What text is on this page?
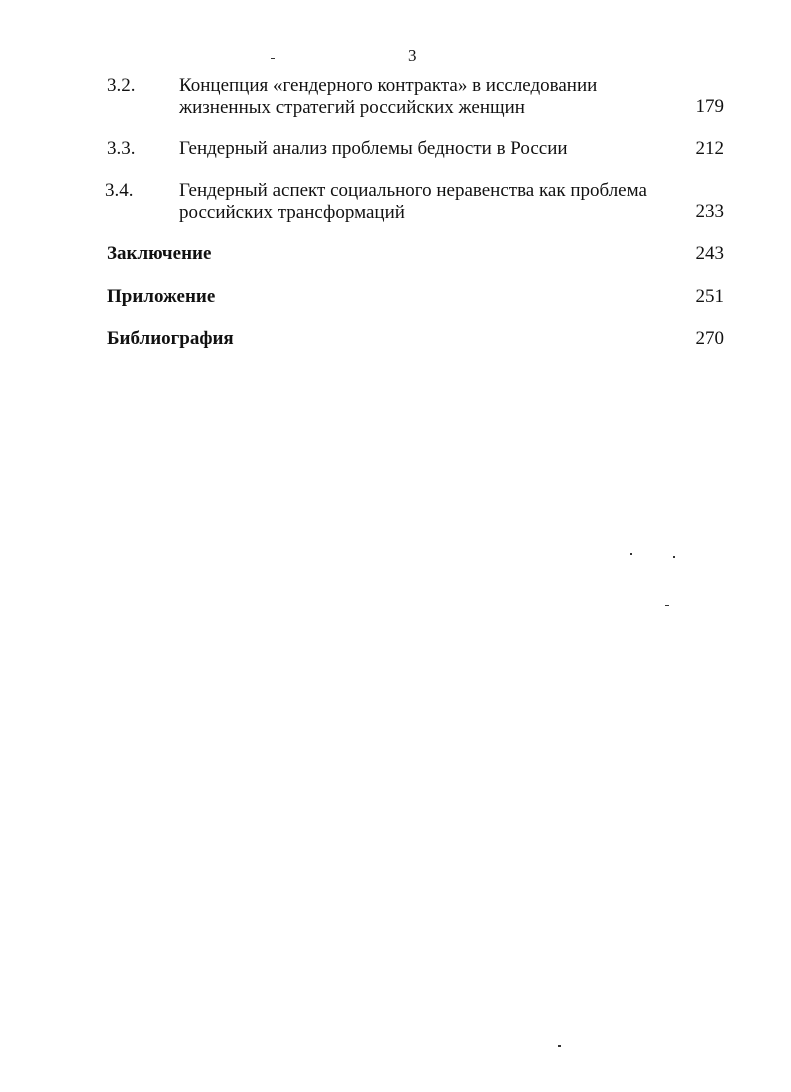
3
3.2. Концепция «гендерного контракта» в исследовании
жизненных стратегий российских женщин	179
3.3. Гендерный анализ проблемы бедности в России	212
3.4. Гендерный аспект социального неравенства как проблема
российских трансформаций	233
Заключение	243
Приложение	251
Библиография	270
